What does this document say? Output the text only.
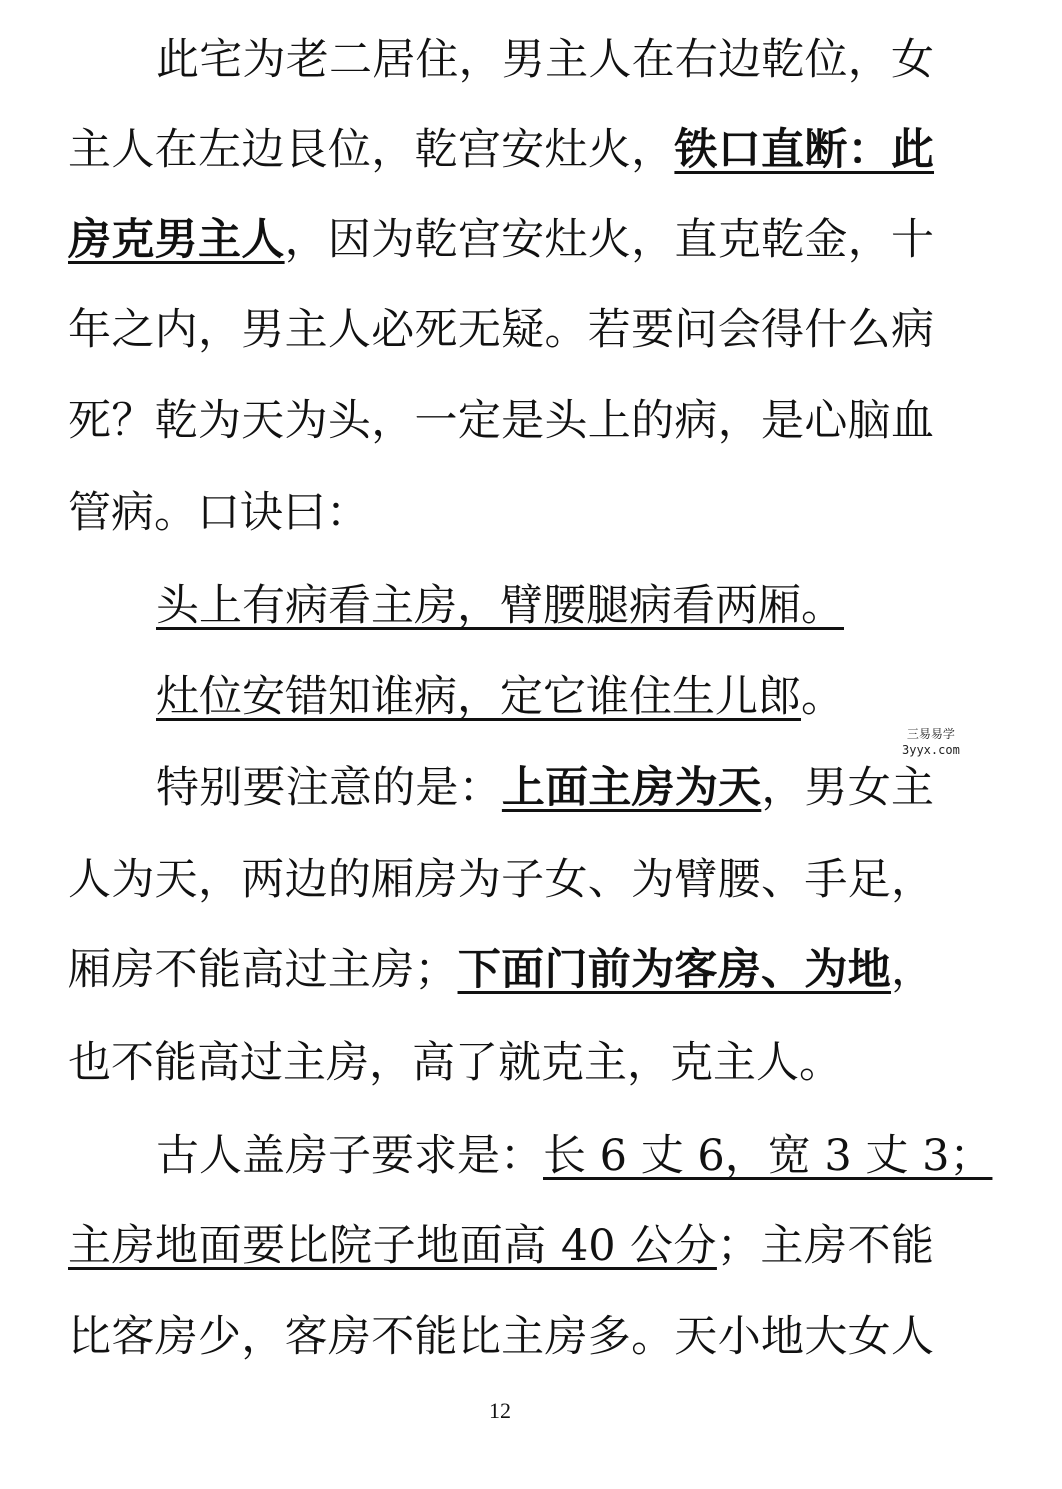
此宅为老二居住，男主人在右边乾位，女
主人在左边艮位，乾宫安灶火，铁口直断：此
房克男主人，因为乾宫安灶火，直克乾金，十
年之内，男主人必死无疑。若要问会得什么病
死？乾为天为头，一定是头上的病，是心脑血
管病。口诀曰：
头上有病看主房，臂腰腿病看两厢。
灶位安错知谁病，定它谁住生儿郎。
三易易学
3yyx.com
特别要注意的是：上面主房为天，男女主
人为天，两边的厢房为子女、为臂腰、手足，
厢房不能高过主房；下面门前为客房、为地，
也不能高过主房，高了就克主，克主人。
古人盖房子要求是：长 6 丈 6，宽 3 丈 3；
主房地面要比院子地面高 40 公分；主房不能
比客房少，客房不能比主房多。天小地大女人
12
